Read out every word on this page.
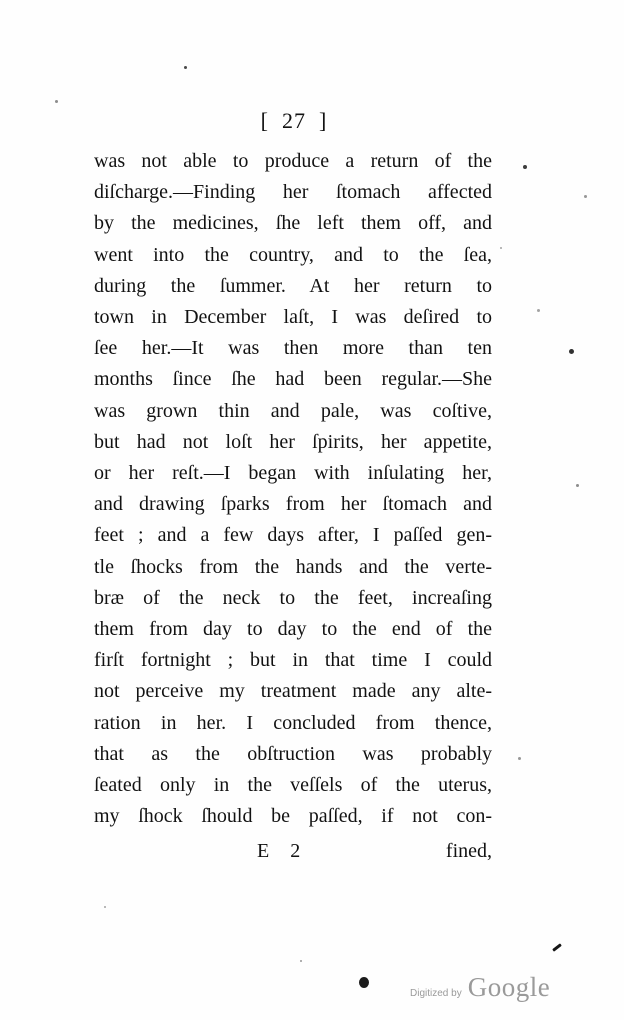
[  27  ]
was not able to produce a return of the
diſcharge.—Finding her ſtomach affected
by the medicines, ſhe left them off, and
went into the country, and to the ſea,
during the ſummer. At her return to
town in December laſt, I was deſired to
ſee her.—It was then more than ten
months ſince ſhe had been regular.—She
was grown thin and pale, was coſtive,
but had not loſt her ſpirits, her appetite,
or her reſt.—I began with inſulating her,
and drawing ſparks from her ſtomach and
feet ; and a few days after, I paſſed gen-
tle ſhocks from the hands and the verte-
bræ of the neck to the feet, increaſing
them from day to day to the end of the
firſt fortnight ; but in that time I could
not perceive my treatment made any alte-
ration in her. I concluded from thence,
that as the obſtruction was probably
ſeated only in the veſſels of the uterus,
my ſhock ſhould be paſſed, if not con-
E 2	fined,
Digitized by Google
